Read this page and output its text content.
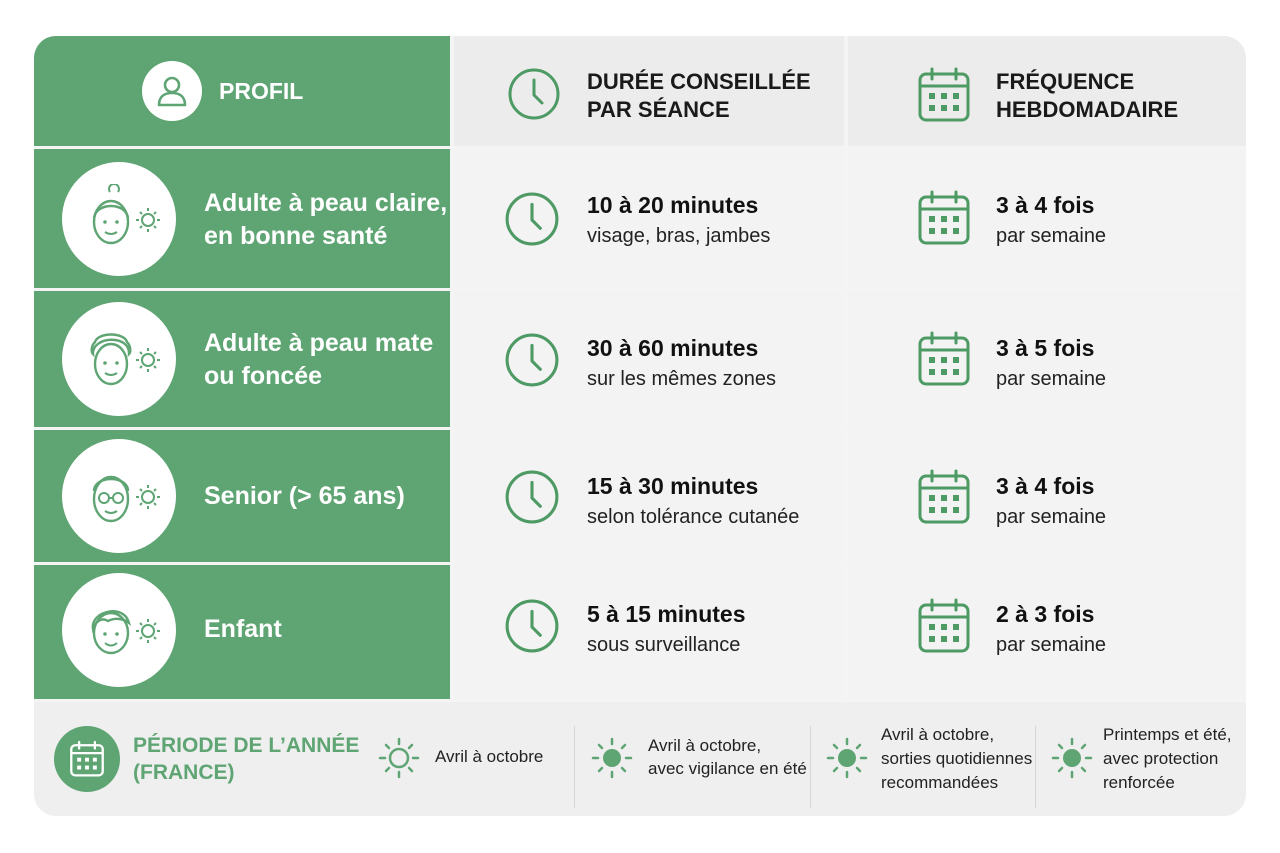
PROFIL	DURÉE CONSEILLÉE
PAR SÉANCE
FRÉQUENCE
HEBDOMADAIRE
Adulte à peau claire,
en bonne santé
10 à 20 minutes
visage, bras, jambes
3 à 4 fois
par semaine
Adulte à peau mate
ou foncée
30 à 60 minutes
sur les mêmes zones
3 à 5 fois
par semaine
Senior (> 65 ans)	15 à 30 minutes
selon tolérance cutanée
3 à 4 fois
par semaine
Enfant
5 à 15 minutes
sous surveillance
2 à 3 fois
par semaine
PÉRIODE DE L’ANNÉE
(FRANCE)
Avril à octobre
Avril à octobre,
avec vigilance en été
Avril à octobre,
sorties quotidiennes
recommandées
Printemps et été,
avec protection
renforcée
